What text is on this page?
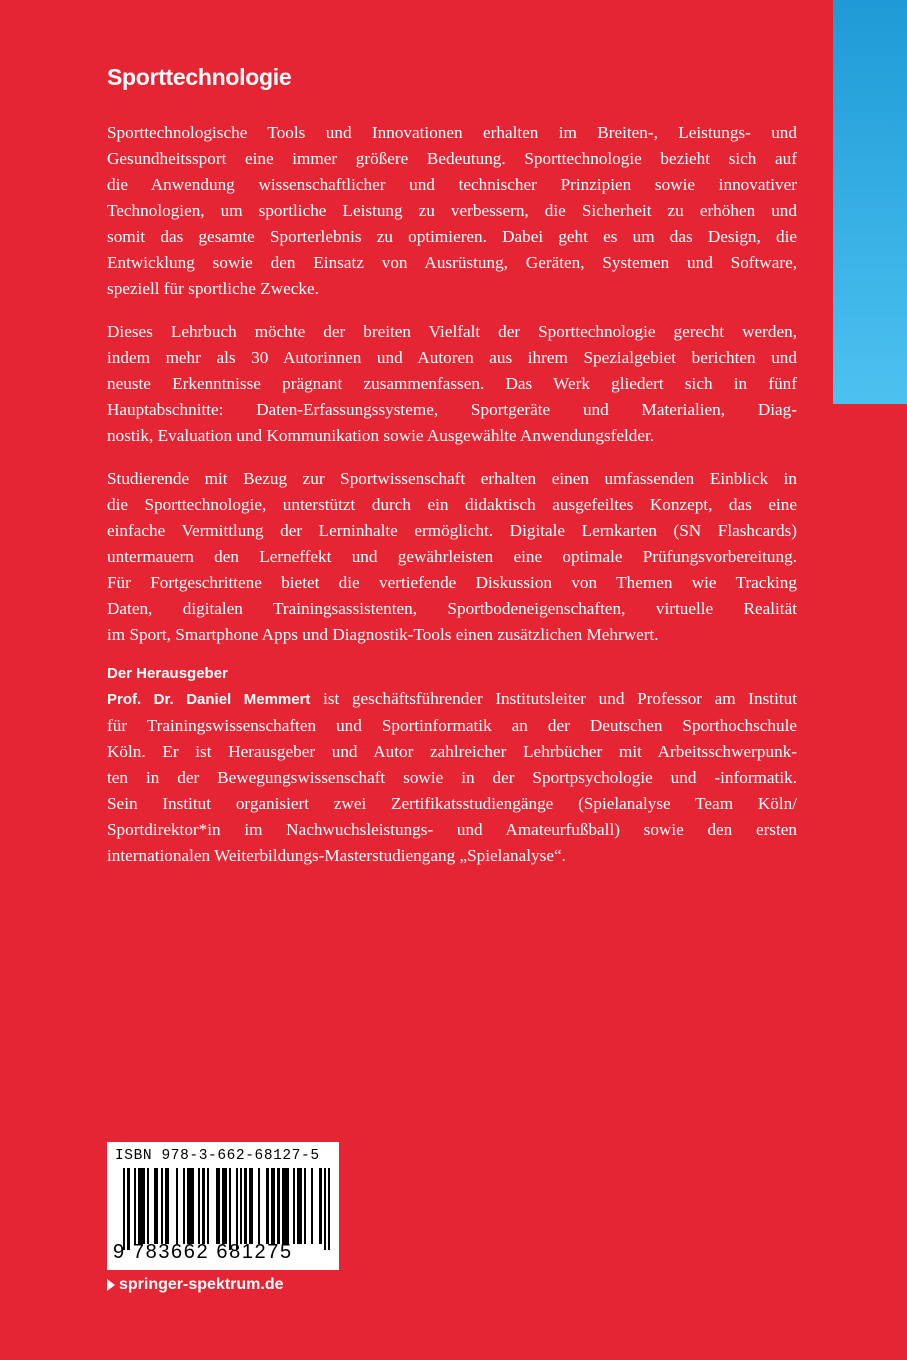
Sporttechnologie

Sporttechnologische Tools und Innovationen erhalten im Breiten-, Leistungs- und
Gesundheitssport eine immer größere Bedeutung. Sporttechnologie bezieht sich auf
die Anwendung wissenschaftlicher und technischer Prinzipien sowie innovativer
Technologien, um sportliche Leistung zu verbessern, die Sicherheit zu erhöhen und
somit das gesamte Sporterlebnis zu optimieren. Dabei geht es um das Design, die
Entwicklung sowie den Einsatz von Ausrüstung, Geräten, Systemen und Software,
speziell für sportliche Zwecke.

Dieses Lehrbuch möchte der breiten Vielfalt der Sporttechnologie gerecht werden,
indem mehr als 30 Autorinnen und Autoren aus ihrem Spezialgebiet berichten und
neuste Erkenntnisse prägnant zusammenfassen. Das Werk gliedert sich in fünf
Hauptabschnitte: Daten-Erfassungssysteme, Sportgeräte und Materialien, Diag-
nostik, Evaluation und Kommunikation sowie Ausgewählte Anwendungsfelder.

Studierende mit Bezug zur Sportwissenschaft erhalten einen umfassenden Einblick in
die Sporttechnologie, unterstützt durch ein didaktisch ausgefeiltes Konzept, das eine
einfache Vermittlung der Lerninhalte ermöglicht. Digitale Lernkarten (SN Flashcards)
untermauern den Lerneffekt und gewährleisten eine optimale Prüfungsvorbereitung.
Für Fortgeschrittene bietet die vertiefende Diskussion von Themen wie Tracking
Daten, digitalen Trainingsassistenten, Sportbodeneigenschaften, virtuelle Realität
im Sport, Smartphone Apps und Diagnostik-Tools einen zusätzlichen Mehrwert.

Der Herausgeber

Prof. Dr. Daniel Memmert ist geschäftsführender Institutsleiter und Professor am Institut
für Trainingswissenschaften und Sportinformatik an der Deutschen Sporthochschule
Köln. Er ist Herausgeber und Autor zahlreicher Lehrbücher mit Arbeitsschwerpunk-
ten in der Bewegungswissenschaft sowie in der Sportpsychologie und -informatik.
Sein Institut organisiert zwei Zertifikatsstudiengänge (Spielanalyse Team Köln/
Sportdirektor*in im Nachwuchsleistungs- und Amateurfußball) sowie den ersten
internationalen Weiterbildungs-Masterstudiengang „Spielanalyse“.

ISBN 978-3-662-68127-5

9 783662 681275
springer-spektrum.de
